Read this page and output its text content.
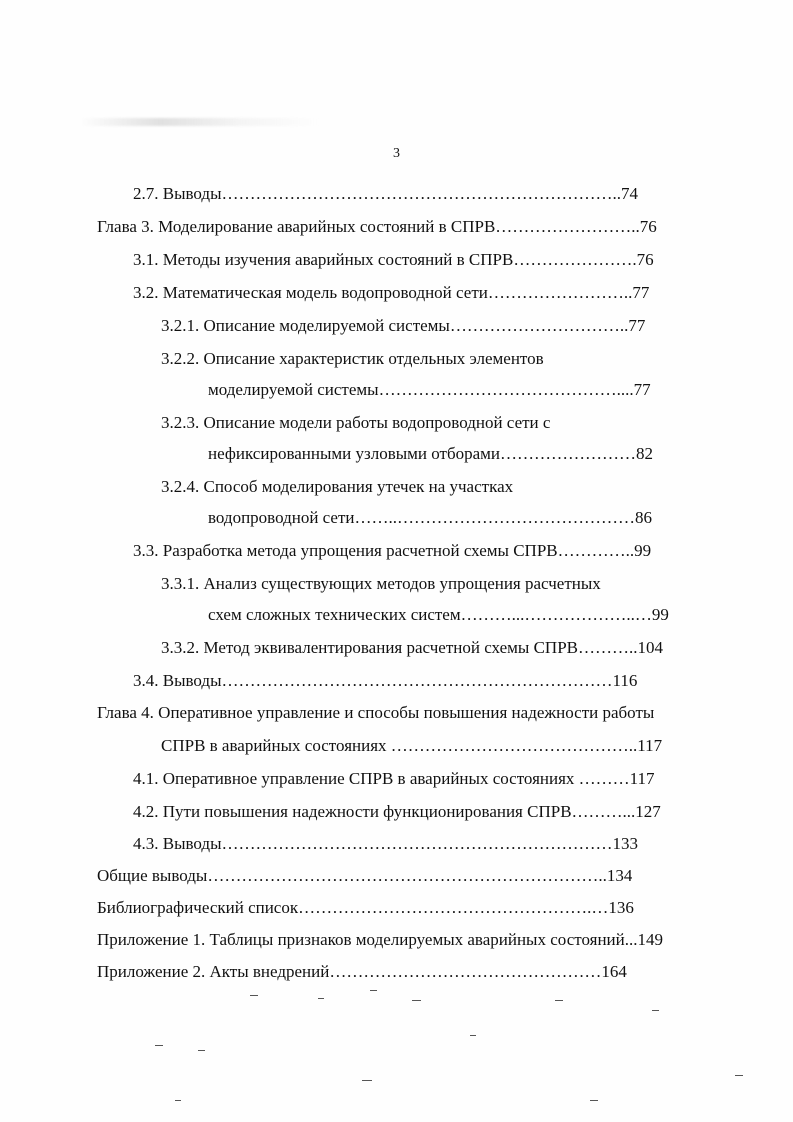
3
2.7. Выводы……………………………………………………………..74
Глава 3. Моделирование аварийных состояний в СПРВ……………………..76
3.1. Методы изучения аварийных состояний в СПРВ………………….76
3.2. Математическая модель водопроводной сети……………………..77
3.2.1. Описание моделируемой системы…………………………..77
3.2.2. Описание характеристик отдельных элементов
моделируемой системы……………………………………....77
3.2.3. Описание модели работы водопроводной сети с
нефиксированными узловыми отборами……………………82
3.2.4. Способ моделирования утечек на участках
водопроводной сети……..……………………………………86
3.3. Разработка метода упрощения расчетной схемы СПРВ…………..99
3.3.1. Анализ существующих методов упрощения расчетных
схем сложных технических систем………...………………..…99
3.3.2. Метод эквивалентирования расчетной схемы СПРВ………..104
3.4. Выводы……………………………………………………………116
Глава 4. Оперативное управление и способы повышения надежности работы
СПРВ в аварийных состояниях ……………………………………..117
4.1. Оперативное управление СПРВ в аварийных состояниях ………117
4.2. Пути повышения надежности функционирования СПРВ………...127
4.3. Выводы……………………………………………………………133
Общие выводы……………………………………………………………..134
Библиографический список…………………………………………….…136
Приложение 1. Таблицы признаков моделируемых аварийных состояний...149
Приложение 2. Акты внедрений…………………………………………164
